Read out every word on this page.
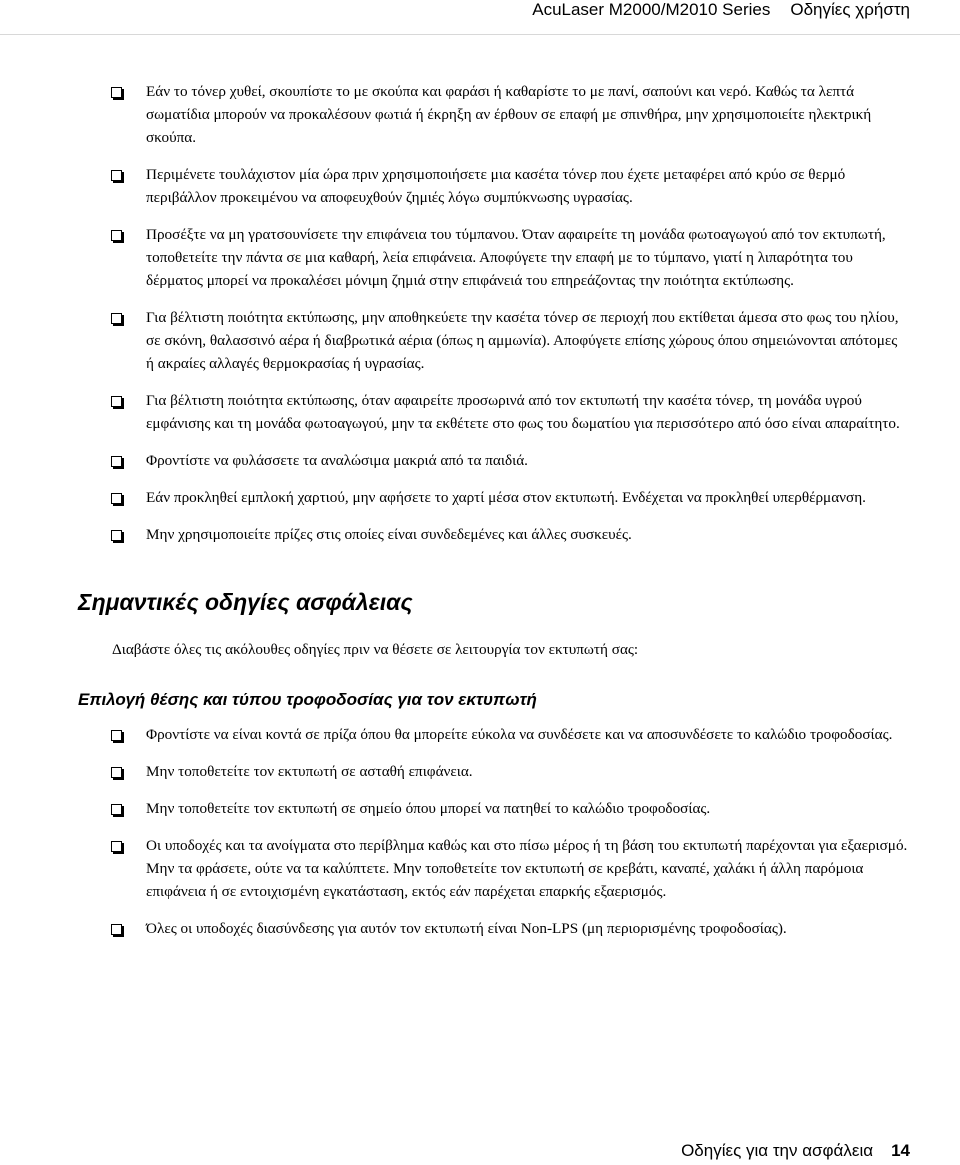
AcuLaser M2000/M2010 Series Οδηγίες χρήστη
Εάν το τόνερ χυθεί, σκουπίστε το με σκούπα και φαράσι ή καθαρίστε το με πανί, σαπούνι και νερό. Καθώς τα λεπτά σωματίδια μπορούν να προκαλέσουν φωτιά ή έκρηξη αν έρθουν σε επαφή με σπινθήρα, μην χρησιμοποιείτε ηλεκτρική σκούπα.
Περιμένετε τουλάχιστον μία ώρα πριν χρησιμοποιήσετε μια κασέτα τόνερ που έχετε μεταφέρει από κρύο σε θερμό περιβάλλον προκειμένου να αποφευχθούν ζημιές λόγω συμπύκνωσης υγρασίας.
Προσέξτε να μη γρατσουνίσετε την επιφάνεια του τύμπανου. Όταν αφαιρείτε τη μονάδα φωτοαγωγού από τον εκτυπωτή, τοποθετείτε την πάντα σε μια καθαρή, λεία επιφάνεια. Αποφύγετε την επαφή με το τύμπανο, γιατί η λιπαρότητα του δέρματος μπορεί να προκαλέσει μόνιμη ζημιά στην επιφάνειά του επηρεάζοντας την ποιότητα εκτύπωσης.
Για βέλτιστη ποιότητα εκτύπωσης, μην αποθηκεύετε την κασέτα τόνερ σε περιοχή που εκτίθεται άμεσα στο φως του ηλίου, σε σκόνη, θαλασσινό αέρα ή διαβρωτικά αέρια (όπως η αμμωνία). Αποφύγετε επίσης χώρους όπου σημειώνονται απότομες ή ακραίες αλλαγές θερμοκρασίας ή υγρασίας.
Για βέλτιστη ποιότητα εκτύπωσης, όταν αφαιρείτε προσωρινά από τον εκτυπωτή την κασέτα τόνερ, τη μονάδα υγρού εμφάνισης και τη μονάδα φωτοαγωγού, μην τα εκθέτετε στο φως του δωματίου για περισσότερο από όσο είναι απαραίτητο.
Φροντίστε να φυλάσσετε τα αναλώσιμα μακριά από τα παιδιά.
Εάν προκληθεί εμπλοκή χαρτιού, μην αφήσετε το χαρτί μέσα στον εκτυπωτή. Ενδέχεται να προκληθεί υπερθέρμανση.
Μην χρησιμοποιείτε πρίζες στις οποίες είναι συνδεδεμένες και άλλες συσκευές.
Σημαντικές οδηγίες ασφάλειας

Διαβάστε όλες τις ακόλουθες οδηγίες πριν να θέσετε σε λειτουργία τον εκτυπωτή σας:

Επιλογή θέσης και τύπου τροφοδοσίας για τον εκτυπωτή
Φροντίστε να είναι κοντά σε πρίζα όπου θα μπορείτε εύκολα να συνδέσετε και να αποσυνδέσετε το καλώδιο τροφοδοσίας.
Μην τοποθετείτε τον εκτυπωτή σε ασταθή επιφάνεια.
Μην τοποθετείτε τον εκτυπωτή σε σημείο όπου μπορεί να πατηθεί το καλώδιο τροφοδοσίας.
Οι υποδοχές και τα ανοίγματα στο περίβλημα καθώς και στο πίσω μέρος ή τη βάση του εκτυπωτή παρέχονται για εξαερισμό. Μην τα φράσετε, ούτε να τα καλύπτετε. Μην τοποθετείτε τον εκτυπωτή σε κρεβάτι, καναπέ, χαλάκι ή άλλη παρόμοια επιφάνεια ή σε εντοιχισμένη εγκατάσταση, εκτός εάν παρέχεται επαρκής εξαερισμός.
Όλες οι υποδοχές διασύνδεσης για αυτόν τον εκτυπωτή είναι Non-LPS (μη περιορισμένης τροφοδοσίας).
Οδηγίες για την ασφάλεια 14
